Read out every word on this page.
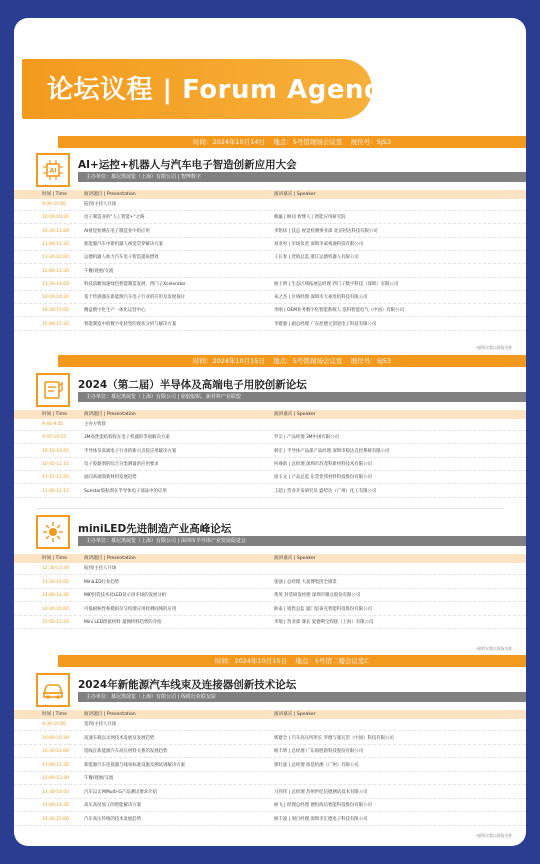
论坛议程 | Forum Agenda
时间：2024年10月14日    地点：5号馆现场会议室    展位号：5J53
AI AI+运控+机器人与汽车电子智造创新应用大会
主办单位：慕尼黑展览（上海）有限公司 | 智博数字
时间 | Time	演讲题目 | Presentation	演讲嘉宾 | Speaker
9:00-10:00	报到/主持人开场
10:00-10:30	电子制造业的"人工智能+"之路	歌赢 | 顾问 智博人工智能应用研究院
10:30-11:00	AI视觉检测在电子制造业中的应用	李铭炜 | 技总 视觉检测事业部 北京阿达科技有限公司
11:00-11:30	新能源汽车中新机器人视觉贯穿解决方案	刘亚男 | 市场负责 深圳市威视通科技有限公司
11:30-12:00	运德机器人助力汽车电子智造提质增效	王长春 | 营销总监 浙江运德机器人有限公司
12:00-13:30	午餐/观展/交流
13:30-14:00	科技前瞻加速绿色智能制造发展，西门子Xcelerator	杨士明 | 生态区域拓展总经理 西门子数字科技（深圳）有限公司
14:00-14:30	基于传感器在新能源汽车电子行业的应用及发展探讨	朱之杰 | 区域经理 深圳市大豪电机科技有限公司
14:30-15:00	精益数字化生产一体化运营中心	李刚 | OEM业务数字化智能系统人 泓科智能电气（中国）有限公司
15:00-15:30	智能制造中的数字化转型的现状分析与解决方案	李建强 | 副总经理 广东控德元创意电子科技有限公司
*最终议程以现场为准
时间：2024年10月15日    地点：5号馆现场会议室    展位号：5J53
2024（第二届）半导体及高端电子用胶创新论坛
主办单位：慕尼黑展览（上海）有限公司 | 铭胶胶粘、新材料产业联盟
时间 | Time	演讲题目 | Presentation	演讲嘉宾 | Speaker
9:40-9:45	主办方致辞
9:45-10:15	3M高性能结构胶在电子机器的等间解决方案	罗宗 | 产品经理 3M中国有限公司
10:15-10:45	半导体及高端电子行业的新兴点胶应用解决方案	韩宏 | 半导体产品部产品经理 深圳市稳达自控系统有限公司
10:45-11:15	电子胶黏剂的综合分类测量的应用要求	何骞新 | 总经理 深圳市苏茂科新材料技术有限公司
11:15-11:45	面向高端领新材料发展趋势	徐玉文 | 产品总监 东莞优邦材料科技股份有限公司
11:45-12:15	Sunstar胶粘剂在半导体电子部品中的应用	王超 | 营业开发研究员 盛势达（广州）化工有限公司
miniLED先进制造产业高峰论坛
主办单位：慕尼黑展览（上海）有限公司 | 深圳市半导体产业发展促进会
时间 | Time	演讲题目 | Presentation	演讲嘉宾 | Speaker
12:30-13:30	报到/主持人开场
13:30-14:00	MiniLED行业趋势	张强 | 总经理 大爱博集团全锦景
14:00-14:30	MIP封装技术对LED显示屏市场的发展分析	黄英 封装研发经理 深圳市聚众股份有限公司
14:30-15:00	可靠耐候性和模拟杂交机理应用检测间域的应用	耿泰 | 销售总监 厦门思泰克智能科技股份有限公司
15:00-15:30	Mini LED焊接材料 量测材料趋势的介绍	李瑞 | 营业部 课长 爱德利宝焊接（上海）有限公司
*最终议程以现场为准
时间：2024年10月15日    地点：5号馆二楼会议室C
2024年新能源汽车线束及连接器创新技术论坛
主办单位：慕尼黑展览（上海）有限公司 | 线缆行业联友屋
时间 | Time	演讲题目 | Presentation	演讲嘉宾 | Speaker
9:30-10:00	签到/主持人开场
10:00-10:30	高速车载以太网技术发展及发展趋势	郭建全 | 汽车高压所所长 罗德与施瓦茨（中国）科技有限公司
10:30-11:00	铝线在新能源汽车高压材料关系的发展趋势	杨丰明 | 总经理 广东海胜新科技股份有限公司
11:00-11:30	新能源汽车连接器与线束标准设施及测试请解决方案	郭红波 | 总经理 纽范检测（广州）有限公司
12:00-13:30	午餐/观展/交流
13:30-14:00	汽车以太网Multi-G产品测试要求介绍	马伟伟 | 总经理 苏州世纪信德测试技术有限公司
14:00-14:30	高压高度加工的智能解决方案	候飞 | 经理总经理 德恒海信智能科技股份有限公司
14:30-15:00	汽车高压传统的技术发展趋势	杨千波 | 项目经理 深圳市汇德电子科技有限公司
*最终议程以现场为准
